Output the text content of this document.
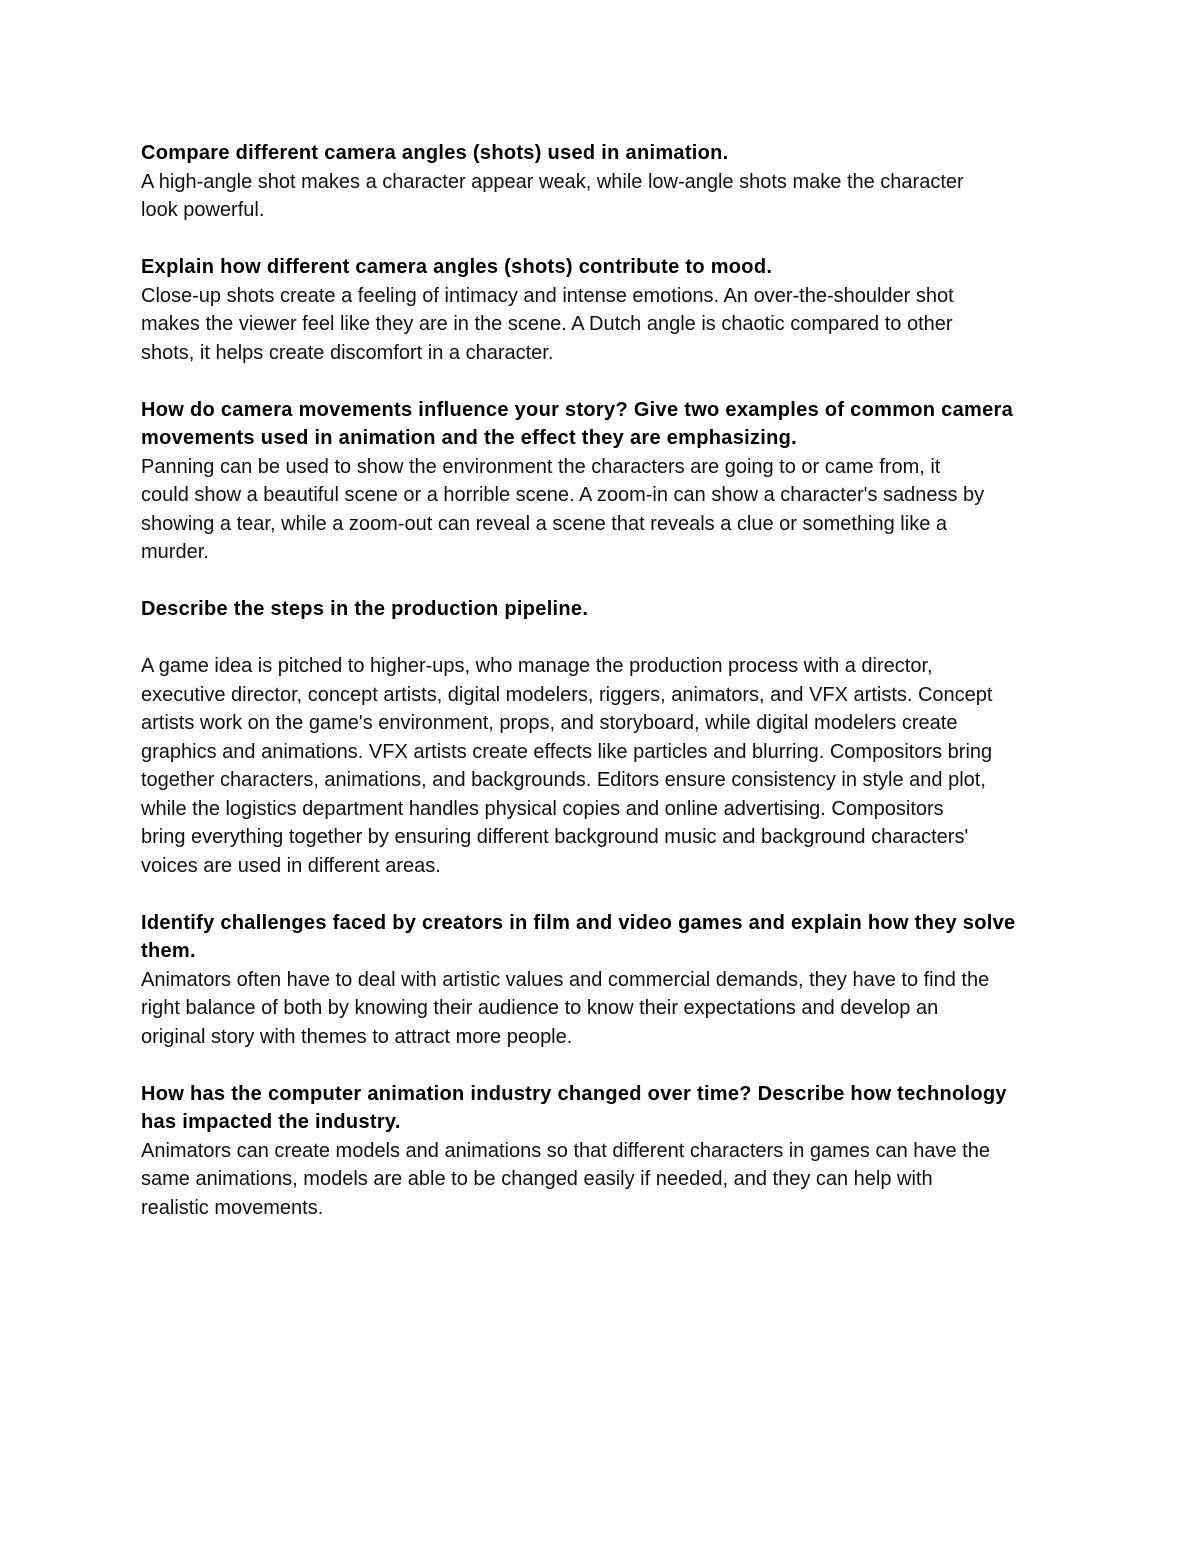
Compare different camera angles (shots) used in animation.
A high-angle shot makes a character appear weak, while low-angle shots make the character
look powerful.
Explain how different camera angles (shots) contribute to mood.
Close-up shots create a feeling of intimacy and intense emotions. An over-the-shoulder shot
makes the viewer feel like they are in the scene. A Dutch angle is chaotic compared to other
shots, it helps create discomfort in a character.
How do camera movements influence your story? Give two examples of common camera
movements used in animation and the effect they are emphasizing.
Panning can be used to show the environment the characters are going to or came from, it
could show a beautiful scene or a horrible scene. A zoom-in can show a character's sadness by
showing a tear, while a zoom-out can reveal a scene that reveals a clue or something like a
murder.
Describe the steps in the production pipeline.
A game idea is pitched to higher-ups, who manage the production process with a director,
executive director, concept artists, digital modelers, riggers, animators, and VFX artists. Concept
artists work on the game's environment, props, and storyboard, while digital modelers create
graphics and animations. VFX artists create effects like particles and blurring. Compositors bring
together characters, animations, and backgrounds. Editors ensure consistency in style and plot,
while the logistics department handles physical copies and online advertising. Compositors
bring everything together by ensuring different background music and background characters'
voices are used in different areas.
Identify challenges faced by creators in film and video games and explain how they solve
them.
Animators often have to deal with artistic values and commercial demands, they have to find the
right balance of both by knowing their audience to know their expectations and develop an
original story with themes to attract more people.
How has the computer animation industry changed over time? Describe how technology
has impacted the industry.
Animators can create models and animations so that different characters in games can have the
same animations, models are able to be changed easily if needed, and they can help with
realistic movements.
